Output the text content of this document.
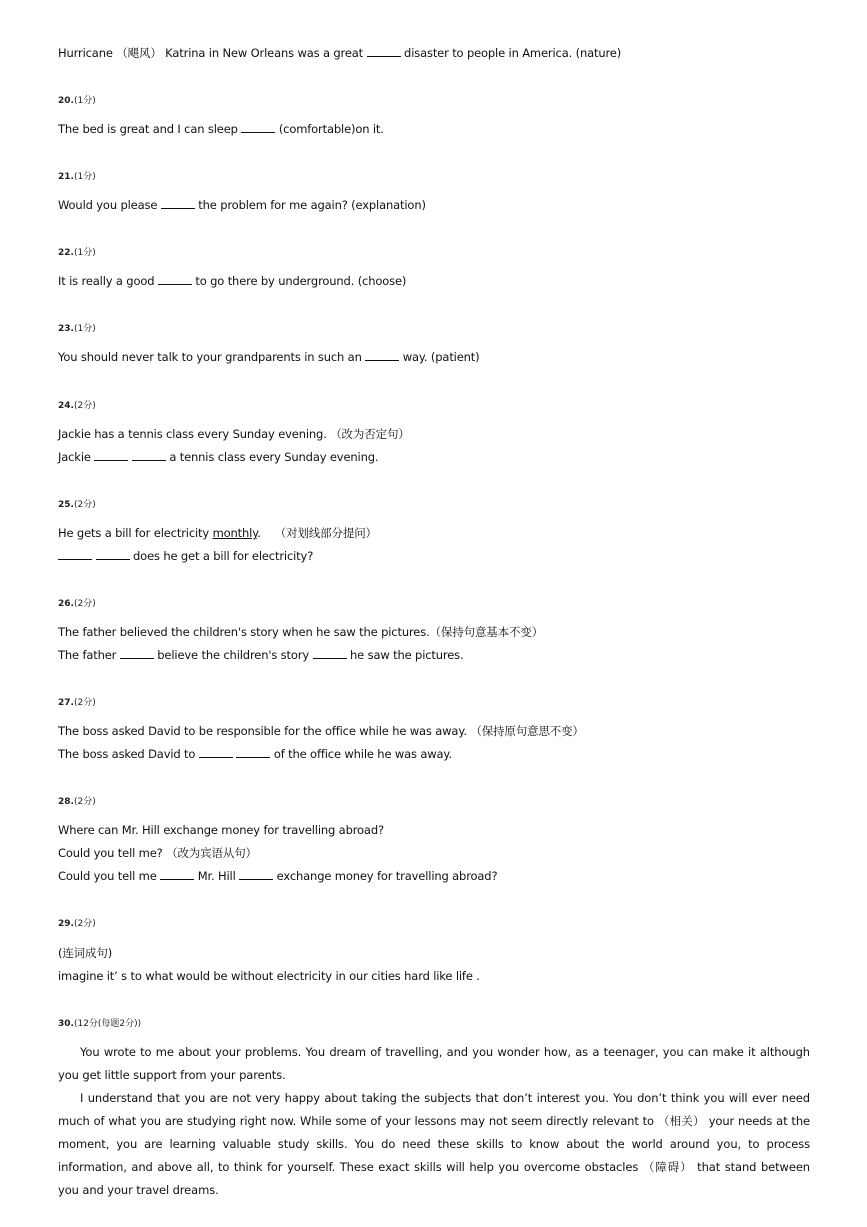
Hurricane （飓风） Katrina in New Orleans was a great	disaster to people in America. (nature)
20.(1分)
The bed is great and I can sleep	(comfortable)on it.
21.(1分)
Would you please	the problem for me again? (explanation)
22.(1分)
It is really a good	to go there by underground. (choose)
23.(1分)
You should never talk to your grandparents in such an	way. (patient)
24.(2分)
Jackie has a tennis class every Sunday evening. （改为否定句）
Jackie	a tennis class every Sunday evening.
25.(2分)
He gets a bill for electricity monthly.    （对划线部分提问）
does he get a bill for electricity?
26.(2分)
The father believed the children's story when he saw the pictures.（保持句意基本不变）
The father	believe the children's story	he saw the pictures.
27.(2分)
The boss asked David to be responsible for the office while he was away. （保持原句意思不变）
The boss asked David to	of the office while he was away.
28.(2分)
Where can Mr. Hill exchange money for travelling abroad?
Could you tell me? （改为宾语从句）
Could you tell me	Mr. Hill	exchange money for travelling abroad?
29.(2分)
(连词成句)
imagine it’ s to what would be without electricity in our cities hard like life .
30.(12分(每题2分))
You wrote to me about your problems. You dream of travelling, and you wonder how, as a teenager, you can make it although you get little support from your parents.
I understand that you are not very happy about taking the subjects that don’t interest you. You don’t think you will ever need much of what you are studying right now. While some of your lessons may not seem directly relevant to （相关） your needs at the moment, you are learning valuable study skills. You do need these skills to know about the world around you, to process information, and above all, to think for yourself. These exact skills will help you overcome obstacles （障碍） that stand between you and your travel dreams.
